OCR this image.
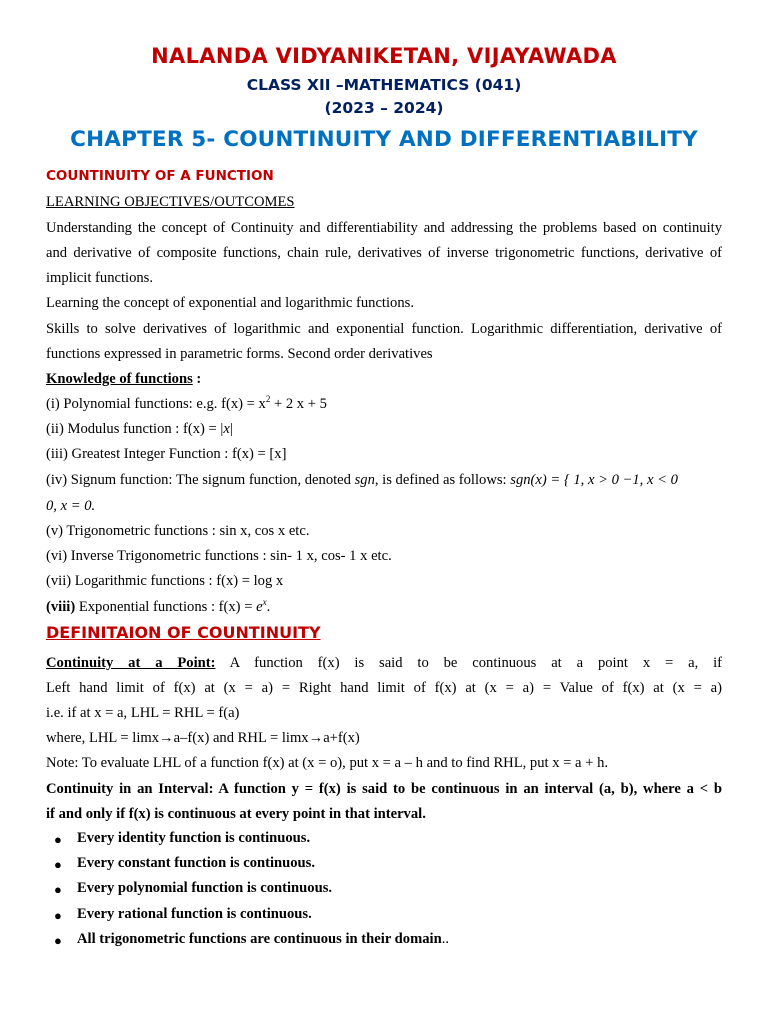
NALANDA VIDYANIKETAN, VIJAYAWADA
CLASS XII –MATHEMATICS (041)
(2023 – 2024)
CHAPTER 5- COUNTINUITY AND DIFFERENTIABILITY
COUNTINUITY OF A FUNCTION
LEARNING OBJECTIVES/OUTCOMES
Understanding the concept of Continuity and differentiability and addressing the problems based on continuity
and derivative of composite functions, chain rule, derivatives of inverse trigonometric functions, derivative of
implicit functions.
Learning the concept of exponential and logarithmic functions.
Skills to solve derivatives of logarithmic and exponential function. Logarithmic differentiation, derivative of
functions expressed in parametric forms. Second order derivatives
Knowledge of functions :
(i) Polynomial functions: e.g. $f(x) = x^2 + 2$ x + 5
(ii) Modulus function : f(x) = |x|
(iii) Greatest Integer Function : f(x) = [x]
(iv) Signum function: The signum function, denoted sgn, is defined as follows: sgn(x) = { 1, x > 0 −1, x < 0
0, x = 0.
(v) Trigonometric functions : sin x, cos x etc.
(vi) Inverse Trigonometric functions : sin- 1 x, cos- 1 x etc.
(vii) Logarithmic functions : f(x) = log x
(viii) Exponential functions : $f(x) = e^x$.
DEFINITAION OF COUNTINUITY
Continuity at a Point: A function f(x) is said to be continuous at a point x = a, if
Left hand limit of f(x) at (x = a) = Right hand limit of f(x) at (x = a) = Value of f(x) at (x = a)
i.e. if at x = a, LHL = RHL = f(a)
where, LHL = limx→a–f(x) and RHL = limx→a+f(x)
Note: To evaluate LHL of a function f(x) at (x = o), put x = a – h and to find RHL, put x = a + h.
Continuity in an Interval: A function y = f(x) is said to be continuous in an interval (a, b), where a < b
if and only if f(x) is continuous at every point in that interval.
● Every identity function is continuous.
● Every constant function is continuous.
● Every polynomial function is continuous.
● Every rational function is continuous.
● All trigonometric functions are continuous in their domain..
